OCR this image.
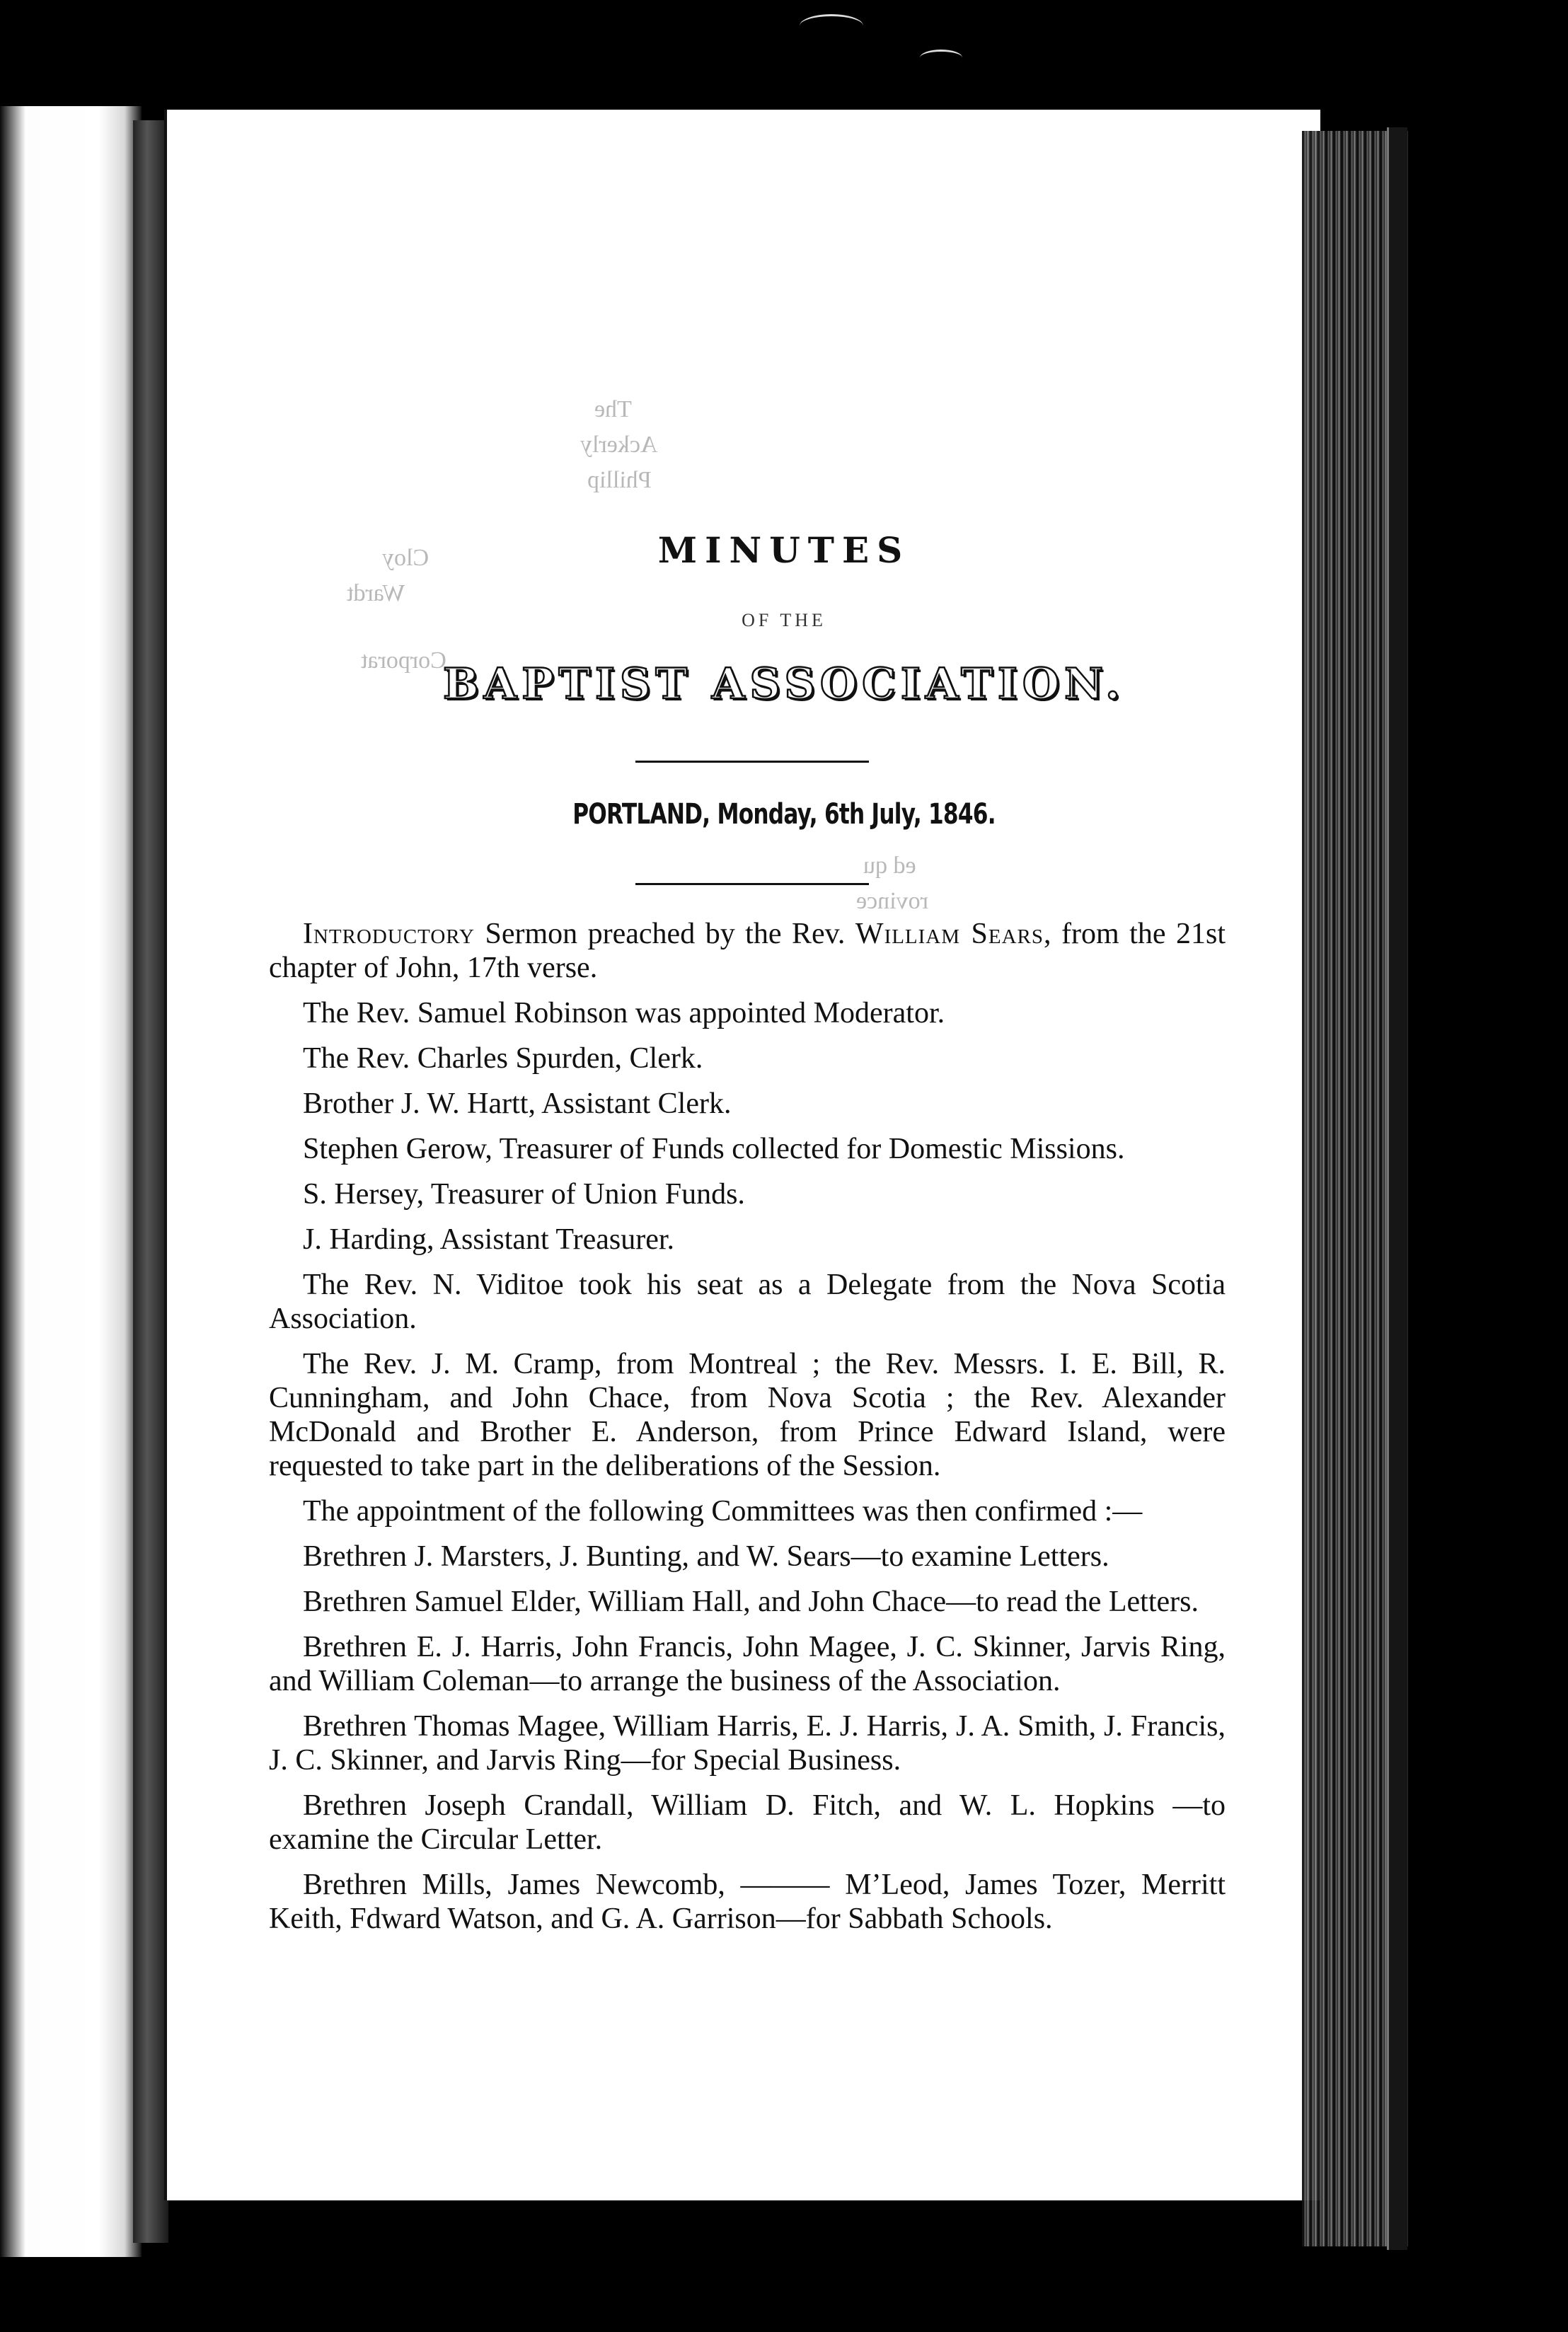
The
Ackerly
Phillip
Cloy
Wardt
Corporat
ed qu
rovince
MINUTES
OF THE
BAPTIST ASSOCIATION.
PORTLAND, Monday, 6th July, 1846.

Introductory Sermon preached by the Rev. William Sears, from the 21st chapter of John, 17th verse.

The Rev. Samuel Robinson was appointed Moderator.

The Rev. Charles Spurden, Clerk.

Brother J. W. Hartt, Assistant Clerk.

Stephen Gerow, Treasurer of Funds collected for Domestic Missions.

S. Hersey, Treasurer of Union Funds.

J. Harding, Assistant Treasurer.

The Rev. N. Viditoe took his seat as a Delegate from the Nova Scotia Association.

The Rev. J. M. Cramp, from Montreal ; the Rev. Messrs. I. E. Bill, R. Cunningham, and John Chace, from Nova Scotia ; the Rev. Alexander McDonald and Brother E. Anderson, from Prince Edward Island, were requested to take part in the deliberations of the Session.

The appointment of the following Committees was then confirmed :—

Brethren J. Marsters, J. Bunting, and W. Sears—to examine Letters.

Brethren Samuel Elder, William Hall, and John Chace—to read the Letters.

Brethren E. J. Harris, John Francis, John Magee, J. C. Skinner, Jarvis Ring, and William Coleman—to arrange the business of the Association.

Brethren Thomas Magee, William Harris, E. J. Harris, J. A. Smith, J. Francis, J. C. Skinner, and Jarvis Ring—for Special Business.

Brethren Joseph Crandall, William D. Fitch, and W. L. Hopkins —to examine the Circular Letter.

Brethren Mills, James Newcomb, ——— M’Leod, James Tozer, Merritt Keith, Fdward Watson, and G. A. Garrison—for Sabbath Schools.
